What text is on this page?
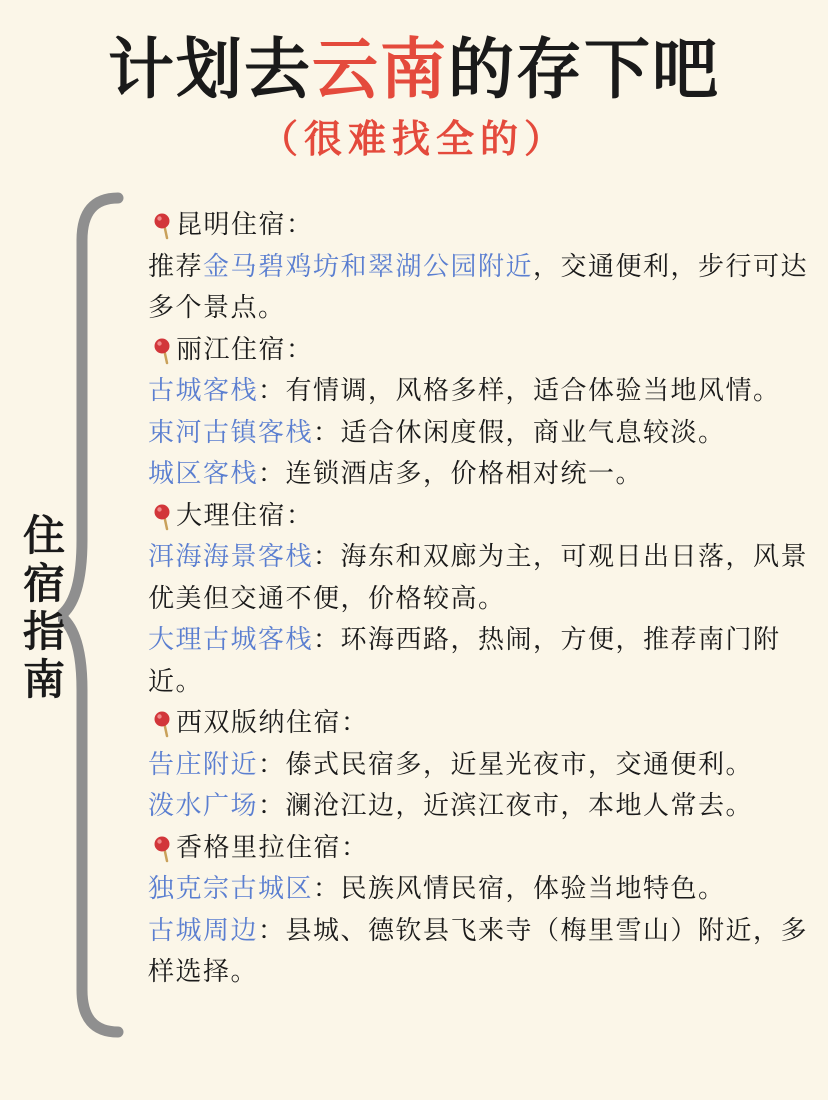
计划去云南的存下吧
（很难找全的）
住
宿
指
南

昆明住宿：

推荐金马碧鸡坊和翠湖公园附近，交通便利，步行可达多个景点。

丽江住宿：

古城客栈：有情调，风格多样，适合体验当地风情。

束河古镇客栈：适合休闲度假，商业气息较淡。

城区客栈：连锁酒店多，价格相对统一。

大理住宿：

洱海海景客栈：海东和双廊为主，可观日出日落，风景优美但交通不便，价格较高。

大理古城客栈：环海西路，热闹，方便，推荐南门附近。

西双版纳住宿：

告庄附近：傣式民宿多，近星光夜市，交通便利。

泼水广场：澜沧江边，近滨江夜市，本地人常去。

香格里拉住宿：

独克宗古城区：民族风情民宿，体验当地特色。

古城周边：县城、德钦县飞来寺（梅里雪山）附近，多样选择。
